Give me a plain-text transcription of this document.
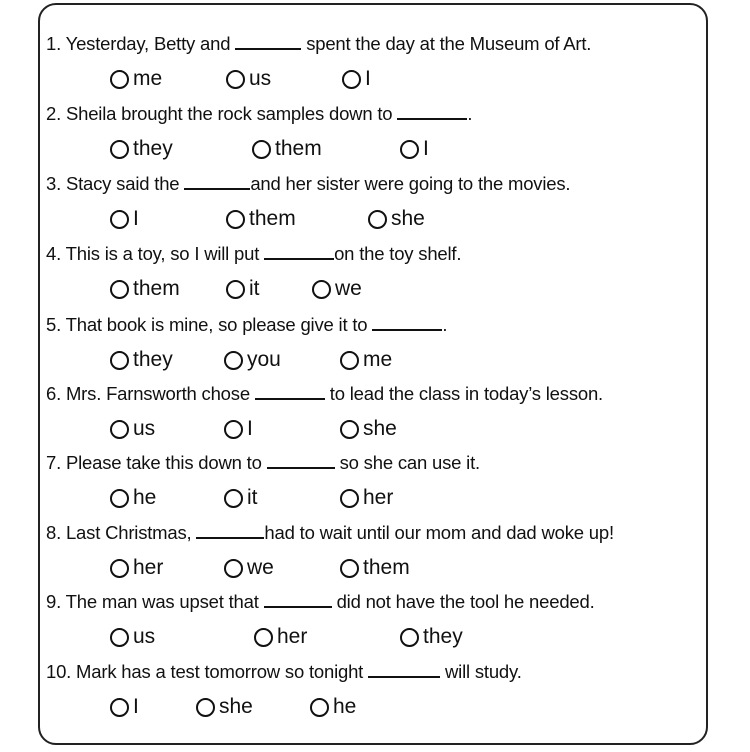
1. Yesterday, Betty and	spent the day at the Museum of Art.
me	us	I
2. Sheila brought the rock samples down to	.
they	them	I
3. Stacy said the	and her sister were going to the movies.
I	them	she
4. This is a toy, so I will put	on the toy shelf.
them	it	we
5. That book is mine, so please give it to	.
they	you	me
6. Mrs. Farnsworth chose	to lead the class in today’s lesson.
us	I	she
7. Please take this down to	so she can use it.
he	it	her
8. Last Christmas,	had to wait until our mom and dad woke up!
her	we	them
9. The man was upset that	did not have the tool he needed.
us	her	they
10. Mark has a test tomorrow so tonight	will study.
I	she	he
